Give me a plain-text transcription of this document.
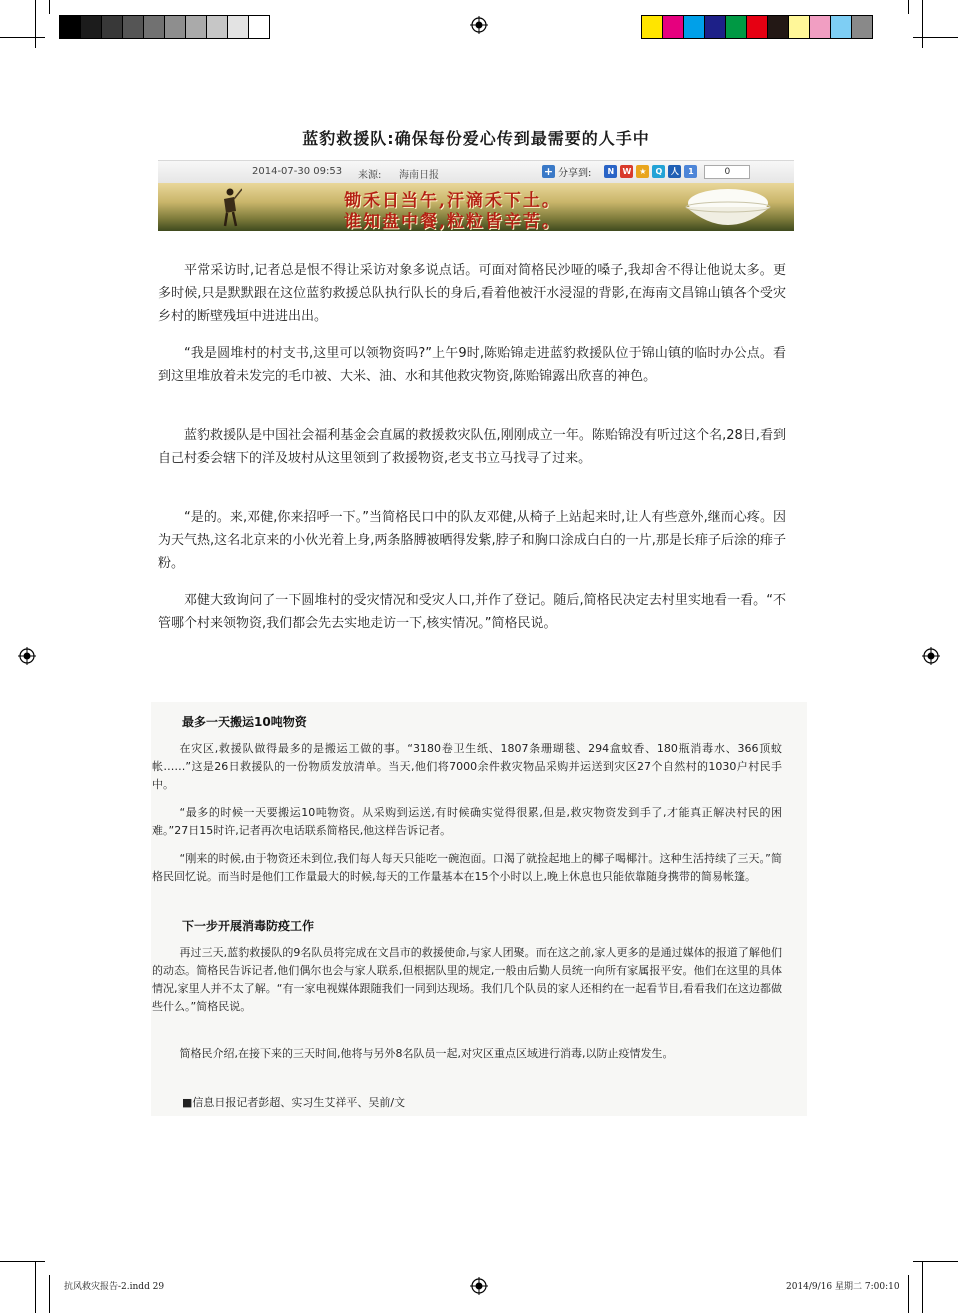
蓝豹救援队:确保每份爱心传到最需要的人手中
2014-07-30 09:53 来源: 海南日报	+ 分享到:	N	W	★	Q	人	1	0
锄禾日当午,汗滴禾下土。
谁知盘中餐,粒粒皆辛苦。
平常采访时,记者总是恨不得让采访对象多说点话。可面对简格民沙哑的嗓子,我却舍不得让他说太多。更多时候,只是默默跟在这位蓝豹救援总队执行队长的身后,看着他被汗水浸湿的背影,在海南文昌锦山镇各个受灾乡村的断壁残垣中进进出出。
“我是圆堆村的村支书,这里可以领物资吗?”上午9时,陈贻锦走进蓝豹救援队位于锦山镇的临时办公点。看到这里堆放着未发完的毛巾被、大米、油、水和其他救灾物资,陈贻锦露出欣喜的神色。
蓝豹救援队是中国社会福利基金会直属的救援救灾队伍,刚刚成立一年。陈贻锦没有听过这个名,28日,看到自己村委会辖下的洋及坡村从这里领到了救援物资,老支书立马找寻了过来。
“是的。来,邓健,你来招呼一下。”当简格民口中的队友邓健,从椅子上站起来时,让人有些意外,继而心疼。因为天气热,这名北京来的小伙光着上身,两条胳膊被晒得发紫,脖子和胸口涂成白白的一片,那是长痱子后涂的痱子粉。
邓健大致询问了一下圆堆村的受灾情况和受灾人口,并作了登记。随后,简格民决定去村里实地看一看。“不管哪个村来领物资,我们都会先去实地走访一下,核实情况。”简格民说。
最多一天搬运10吨物资
在灾区,救援队做得最多的是搬运工做的事。“3180卷卫生纸、1807条珊瑚毯、294盒蚊香、180瓶消毒水、366顶蚊帐……”这是26日救援队的一份物质发放清单。当天,他们将7000余件救灾物品采购并运送到灾区27个自然村的1030户村民手中。
“最多的时候一天要搬运10吨物资。从采购到运送,有时候确实觉得很累,但是,救灾物资发到手了,才能真正解决村民的困难。”27日15时许,记者再次电话联系简格民,他这样告诉记者。
“刚来的时候,由于物资还未到位,我们每人每天只能吃一碗泡面。口渴了就捡起地上的椰子喝椰汁。这种生活持续了三天。”简格民回忆说。而当时是他们工作量最大的时候,每天的工作量基本在15个小时以上,晚上休息也只能依靠随身携带的简易帐篷。
下一步开展消毒防疫工作
再过三天,蓝豹救援队的9名队员将完成在文昌市的救援使命,与家人团聚。而在这之前,家人更多的是通过媒体的报道了解他们的动态。简格民告诉记者,他们偶尔也会与家人联系,但根据队里的规定,一般由后勤人员统一向所有家属报平安。他们在这里的具体情况,家里人并不太了解。“有一家电视媒体跟随我们一同到达现场。我们几个队员的家人还相约在一起看节目,看看我们在这边都做些什么。”简格民说。
简格民介绍,在接下来的三天时间,他将与另外8名队员一起,对灾区重点区域进行消毒,以防止疫情发生。
■信息日报记者彭超、实习生艾祥平、吴前/文
抗风救灾报告-2.indd 29	2014/9/16 星期二 7:00:10
